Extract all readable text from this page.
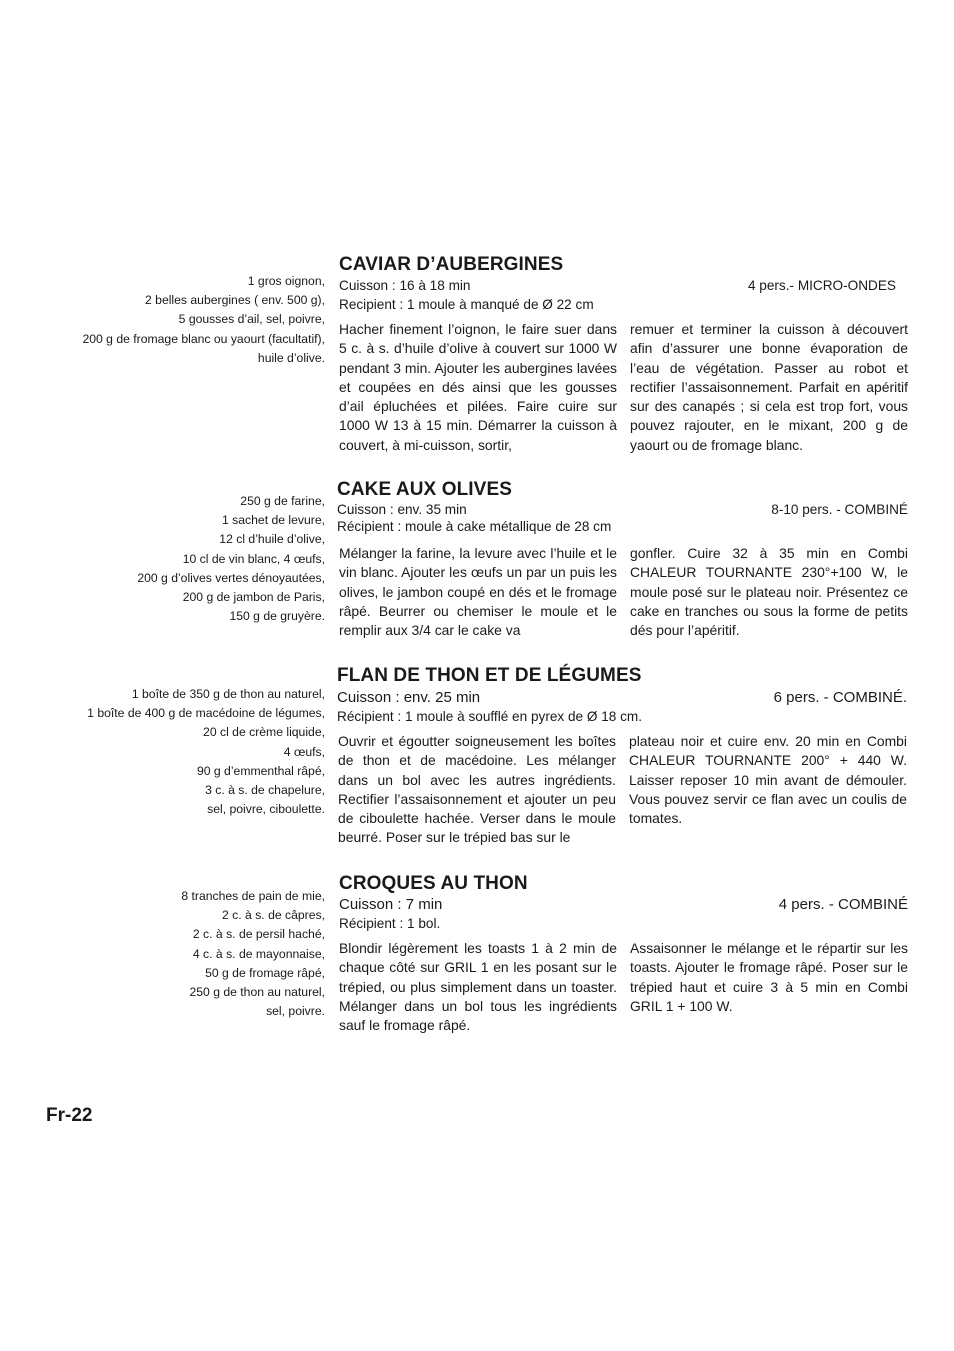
1 gros oignon,
2 belles aubergines ( env. 500 g),
5 gousses d’ail, sel, poivre,
200 g de fromage blanc ou yaourt (facultatif),
huile d’olive.
CAVIAR D’AUBERGINES
Cuisson : 16 à 18 min	4 pers.- MICRO-ONDES
Recipient : 1 moule à manqué de Ø 22 cm
Hacher finement l’oignon, le faire suer dans 5 c. à s. d’huile d’olive à couvert sur 1000 W pendant 3 min. Ajouter les aubergines lavées et coupées en dés ainsi que les gousses d’ail épluchées et pilées. Faire cuire sur 1000 W 13 à 15 min. Démarrer la cuisson à couvert, à mi-cuisson, sortir,
remuer et terminer la cuisson à découvert afin d’assurer une bonne évaporation de l’eau de végétation. Passer au robot et rectifier l’assaisonnement. Parfait en apéritif sur des canapés ; si cela est trop fort, vous pouvez rajouter, en le mixant, 200 g de yaourt ou de fromage blanc.
250 g de farine,
1 sachet de levure,
12 cl d’huile d’olive,
10 cl de vin blanc, 4 œufs,
200 g d’olives vertes dénoyautées,
200 g de jambon de Paris,
150 g de gruyère.
CAKE AUX OLIVES
Cuisson : env. 35 min	8-10 pers. - COMBINÉ
Récipient : moule à cake métallique de 28 cm
Mélanger la farine, la levure avec l’huile et le vin blanc. Ajouter les œufs un par un puis les olives, le jambon coupé en dés et le fromage râpé. Beurrer ou chemiser le moule et le remplir aux 3/4 car le cake va
gonfler. Cuire 32 à 35 min en Combi CHALEUR TOURNANTE 230°+100 W, le moule posé sur le plateau noir. Présentez ce cake en tranches ou sous la forme de petits dés pour l’apéritif.
1 boîte de 350 g de thon au naturel,
1 boîte de 400 g de macédoine de légumes,
20 cl de crème liquide,
4 œufs,
90 g d’emmenthal râpé,
3 c. à s. de chapelure,
sel, poivre, ciboulette.
FLAN DE THON ET DE LÉGUMES
Cuisson : env. 25 min	6 pers. - COMBINÉ.
Récipient : 1 moule à soufflé en pyrex de Ø 18 cm.
Ouvrir et égoutter soigneusement les boîtes de thon et de macédoine. Les mélanger dans un bol avec les autres ingrédients. Rectifier l’assaisonnement et ajouter un peu de ciboulette hachée. Verser dans le moule beurré. Poser sur le trépied bas sur le
plateau noir et cuire env. 20 min en Combi CHALEUR TOURNANTE 200° + 440 W. Laisser reposer 10 min avant de démouler. Vous pouvez servir ce flan avec un coulis de tomates.
8 tranches de pain de mie,
2 c. à s. de câpres,
2 c. à s. de persil haché,
4 c. à s. de mayonnaise,
50 g de fromage râpé,
250 g de thon au naturel,
sel, poivre.
CROQUES AU THON
Cuisson : 7 min	4 pers. - COMBINÉ
Récipient : 1 bol.
Blondir légèrement les toasts 1 à 2 min de chaque côté sur GRIL 1 en les posant sur le trépied, ou plus simplement dans un toaster. Mélanger dans un bol tous les ingrédients sauf le fromage râpé.
Assaisonner le mélange et le répartir sur les toasts. Ajouter le fromage râpé. Poser sur le trépied haut et cuire 3 à 5 min en Combi GRIL 1 + 100 W.
Fr-22
